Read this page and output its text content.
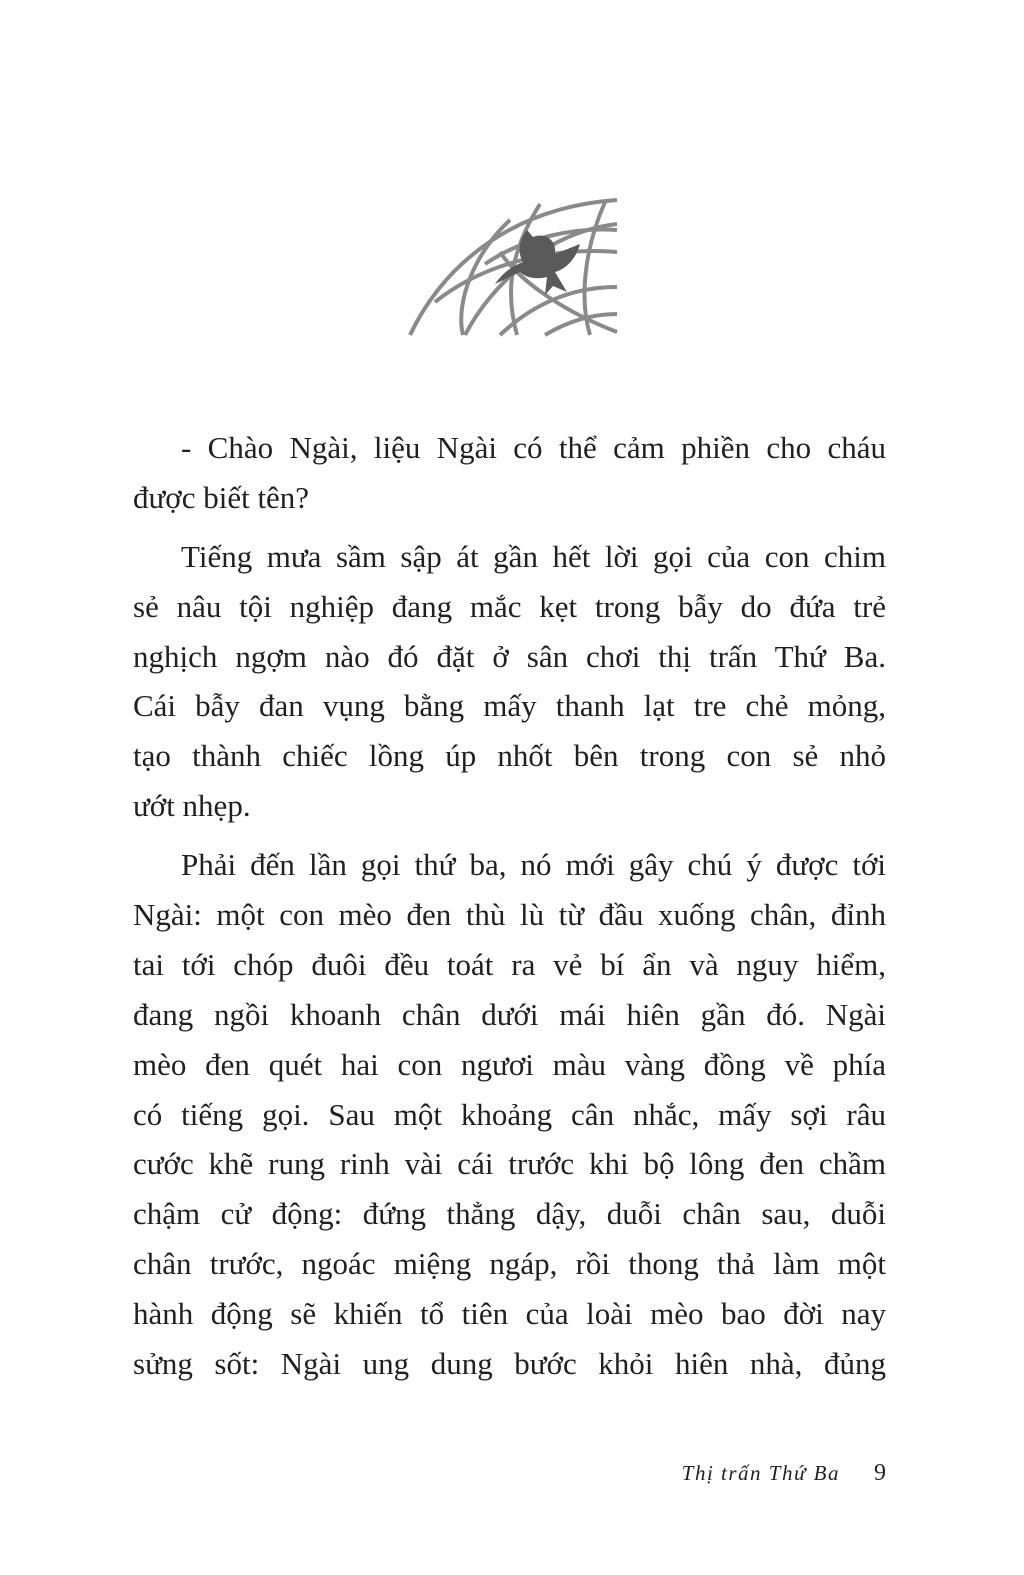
- Chào Ngài, liệu Ngài có thể cảm phiền cho cháu
được biết tên?
Tiếng mưa sầm sập át gần hết lời gọi của con chim
sẻ nâu tội nghiệp đang mắc kẹt trong bẫy do đứa trẻ
nghịch ngợm nào đó đặt ở sân chơi thị trấn Thứ Ba.
Cái bẫy đan vụng bằng mấy thanh lạt tre chẻ mỏng,
tạo thành chiếc lồng úp nhốt bên trong con sẻ nhỏ
ướt nhẹp.
Phải đến lần gọi thứ ba, nó mới gây chú ý được tới
Ngài: một con mèo đen thù lù từ đầu xuống chân, đỉnh
tai tới chóp đuôi đều toát ra vẻ bí ẩn và nguy hiểm,
đang ngồi khoanh chân dưới mái hiên gần đó. Ngài
mèo đen quét hai con ngươi màu vàng đồng về phía
có tiếng gọi. Sau một khoảng cân nhắc, mấy sợi râu
cước khẽ rung rinh vài cái trước khi bộ lông đen chầm
chậm cử động: đứng thẳng dậy, duỗi chân sau, duỗi
chân trước, ngoác miệng ngáp, rồi thong thả làm một
hành động sẽ khiến tổ tiên của loài mèo bao đời nay
sửng sốt: Ngài ung dung bước khỏi hiên nhà, đủng
Thị trấn Thứ Ba 9
